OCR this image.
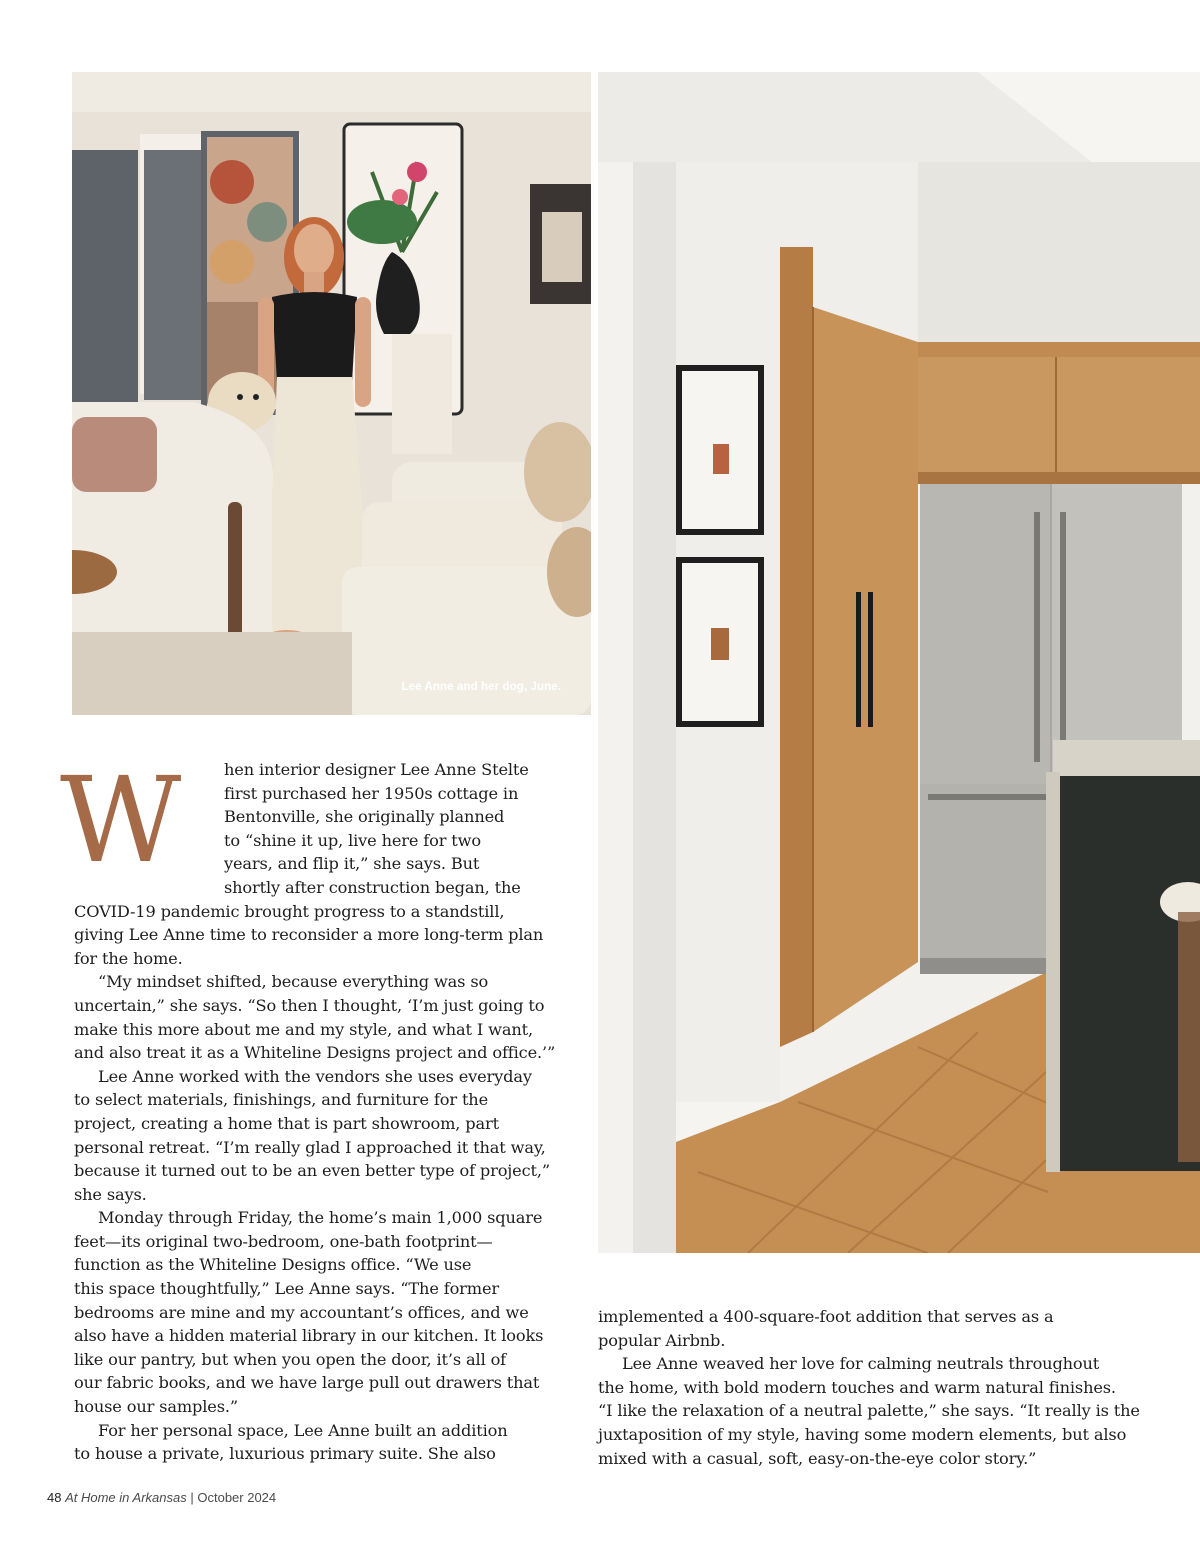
Lee Anne and her dog, June.
W	hen interior designer Lee Anne Stelte
first purchased her 1950s cottage in
Bentonville, she originally planned
to “shine it up, live here for two
years, and flip it,” she says. But
shortly after construction began, the
COVID-19 pandemic brought progress to a standstill,
giving Lee Anne time to reconsider a more long-term plan
for the home.
“My mindset shifted, because everything was so
uncertain,” she says. “So then I thought, ‘I’m just going to
make this more about me and my style, and what I want,
and also treat it as a Whiteline Designs project and office.’”
Lee Anne worked with the vendors she uses everyday
to select materials, finishings, and furniture for the
project, creating a home that is part showroom, part
personal retreat. “I’m really glad I approached it that way,
because it turned out to be an even better type of project,”
she says.
Monday through Friday, the home’s main 1,000 square
feet—its original two-bedroom, one-bath footprint—
function as the Whiteline Designs office. “We use
this space thoughtfully,” Lee Anne says. “The former
bedrooms are mine and my accountant’s offices, and we
also have a hidden material library in our kitchen. It looks
like our pantry, but when you open the door, it’s all of
our fabric books, and we have large pull out drawers that
house our samples.”
For her personal space, Lee Anne built an addition
to house a private, luxurious primary suite. She also
implemented a 400-square-foot addition that serves as a
popular Airbnb.
Lee Anne weaved her love for calming neutrals throughout
the home, with bold modern touches and warm natural finishes.
“I like the relaxation of a neutral palette,” she says. “It really is the
juxtaposition of my style, having some modern elements, but also
mixed with a casual, soft, easy-on-the-eye color story.”
48 At Home in Arkansas | October 2024
